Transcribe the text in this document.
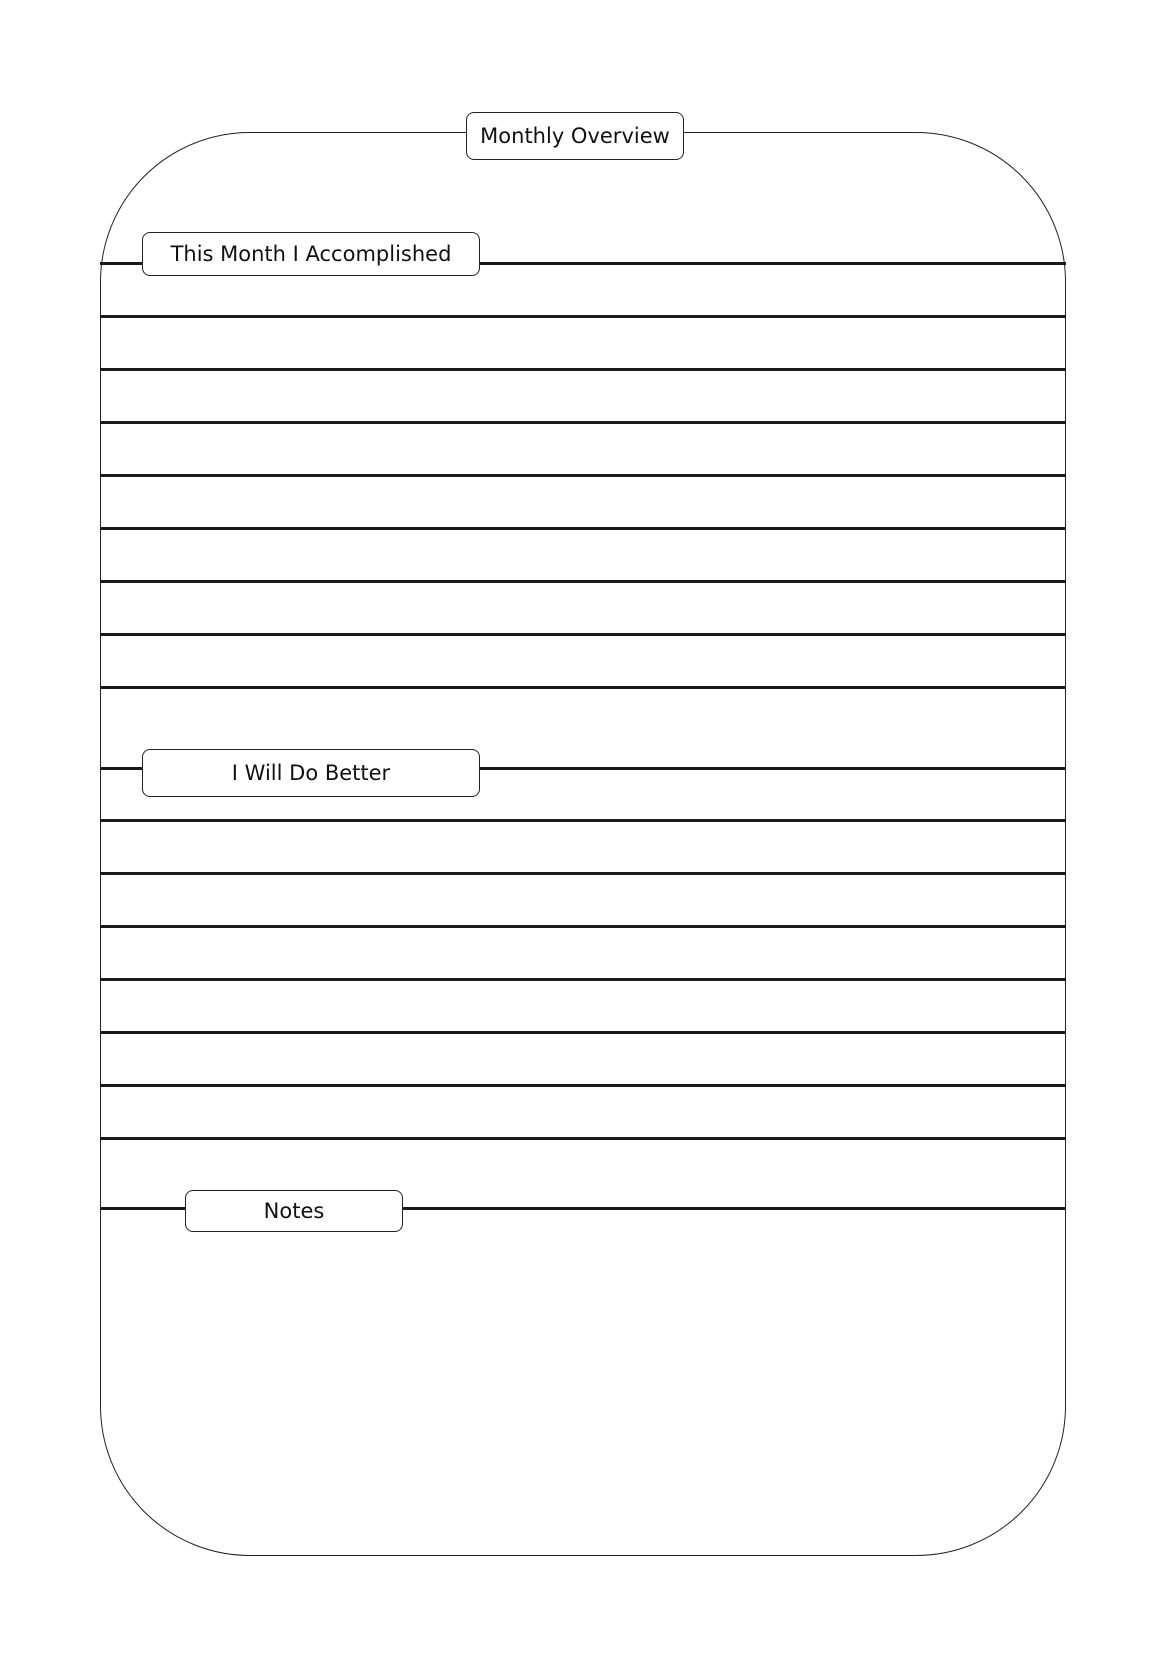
Monthly Overview
This Month I Accomplished
I Will Do Better
Notes
